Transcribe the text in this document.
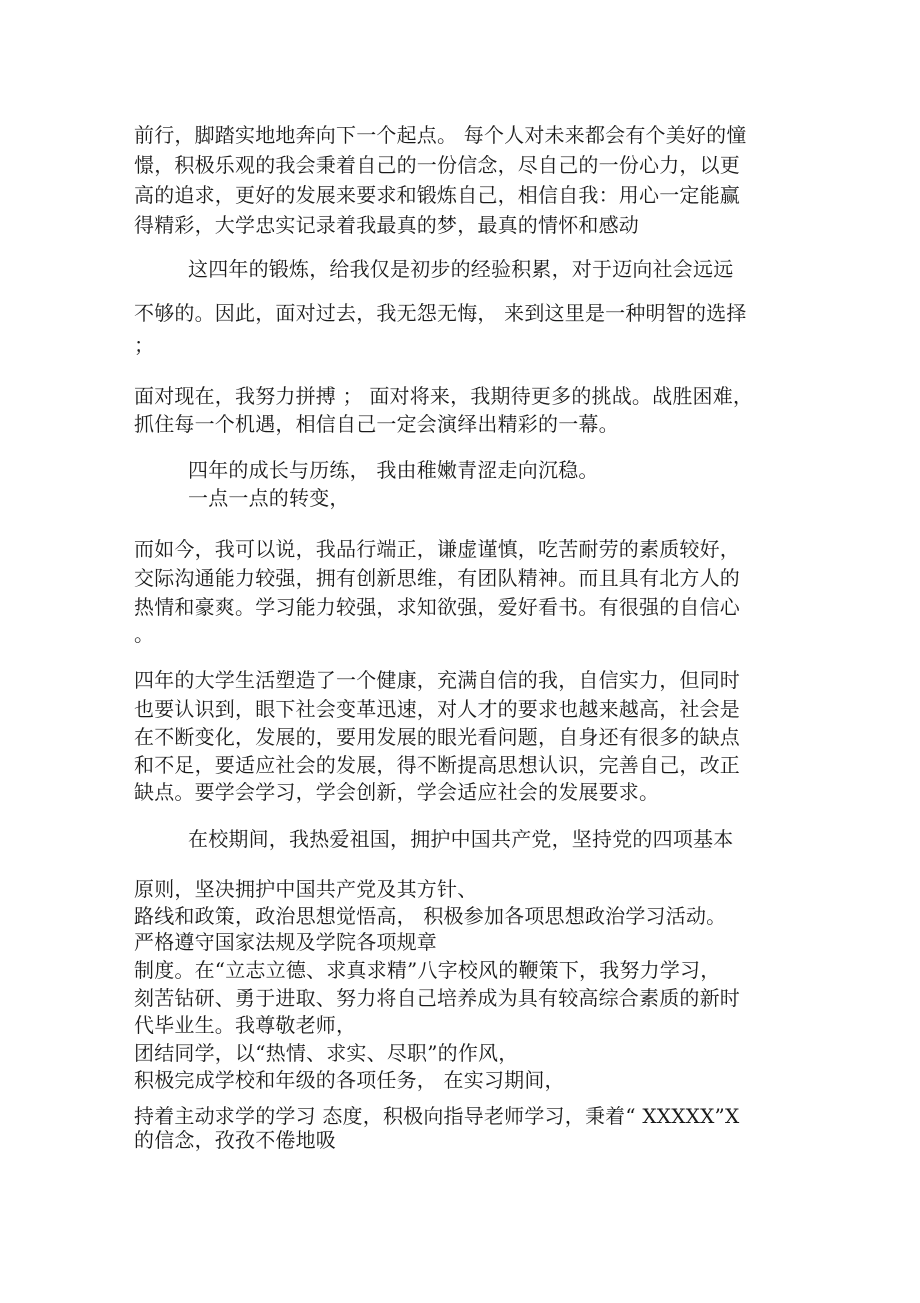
前行，脚踏实地地奔向下一个起点。 每个人对未来都会有个美好的憧
憬，积极乐观的我会秉着自己的一份信念，尽自己的一份心力，以更
高的追求，更好的发展来要求和锻炼自己，相信自我：用心一定能赢
得精彩，大学忠实记录着我最真的梦，最真的情怀和感动
这四年的锻炼，给我仅是初步的经验积累，对于迈向社会远远
不够的。因此，面对过去，我无怨无悔， 来到这里是一种明智的选择
；
面对现在，我努力拼搏 ； 面对将来，我期待更多的挑战。战胜困难，
抓住每一个机遇，相信自己一定会演绎出精彩的一幕。
四年的成长与历练， 我由稚嫩青涩走向沉稳。
一点一点的转变，
而如今，我可以说，我品行端正，谦虚谨慎，吃苦耐劳的素质较好，
交际沟通能力较强，拥有创新思维，有团队精神。而且具有北方人的
热情和豪爽。学习能力较强，求知欲强，爱好看书。有很强的自信心
。
四年的大学生活塑造了一个健康，充满自信的我，自信实力，但同时
也要认识到，眼下社会变革迅速，对人才的要求也越来越高，社会是
在不断变化，发展的，要用发展的眼光看问题，自身还有很多的缺点
和不足，要适应社会的发展，得不断提高思想认识，完善自己，改正
缺点。要学会学习，学会创新，学会适应社会的发展要求。
在校期间，我热爱祖国，拥护中国共产党，坚持党的四项基本
原则，坚决拥护中国共产党及其方针、
路线和政策，政治思想觉悟高， 积极参加各项思想政治学习活动。
严格遵守国家法规及学院各项规章
制度。在“立志立德、求真求精”八字校风的鞭策下，我努力学习，
刻苦钻研、勇于进取、努力将自己培养成为具有较高综合素质的新时
代毕业生。我尊敬老师，
团结同学，以“热情、求实、尽职”的作风，
积极完成学校和年级的各项任务， 在实习期间，
持着主动求学的学习 态度，积极向指导老师学习，秉着“ XXXXX”X
的信念，孜孜不倦地吸
